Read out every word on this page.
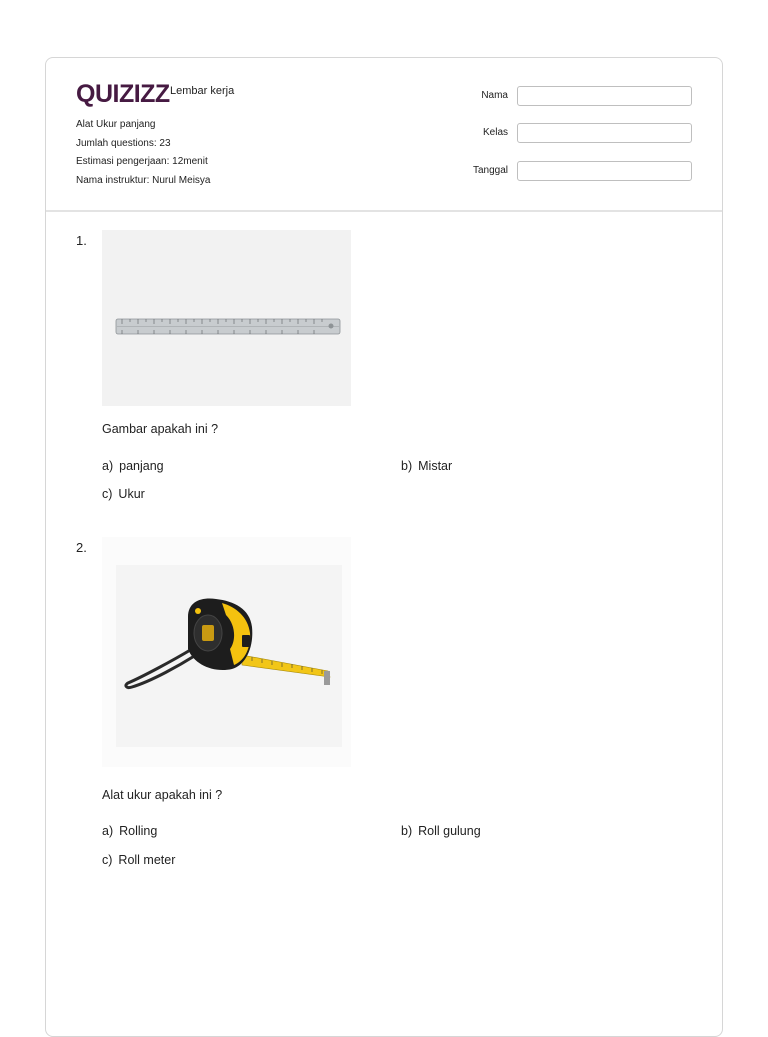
QUIZIZZ Lembar kerja
Alat Ukur panjang
Jumlah questions: 23
Estimasi pengerjaan: 12menit
Nama instruktur: Nurul Meisya
Nama
Kelas
Tanggal
1.
Gambar apakah ini ?
a) panjang	b) Mistar
c) Ukur
2.
Alat ukur apakah ini ?
a) Rolling	b) Roll gulung
c) Roll meter
